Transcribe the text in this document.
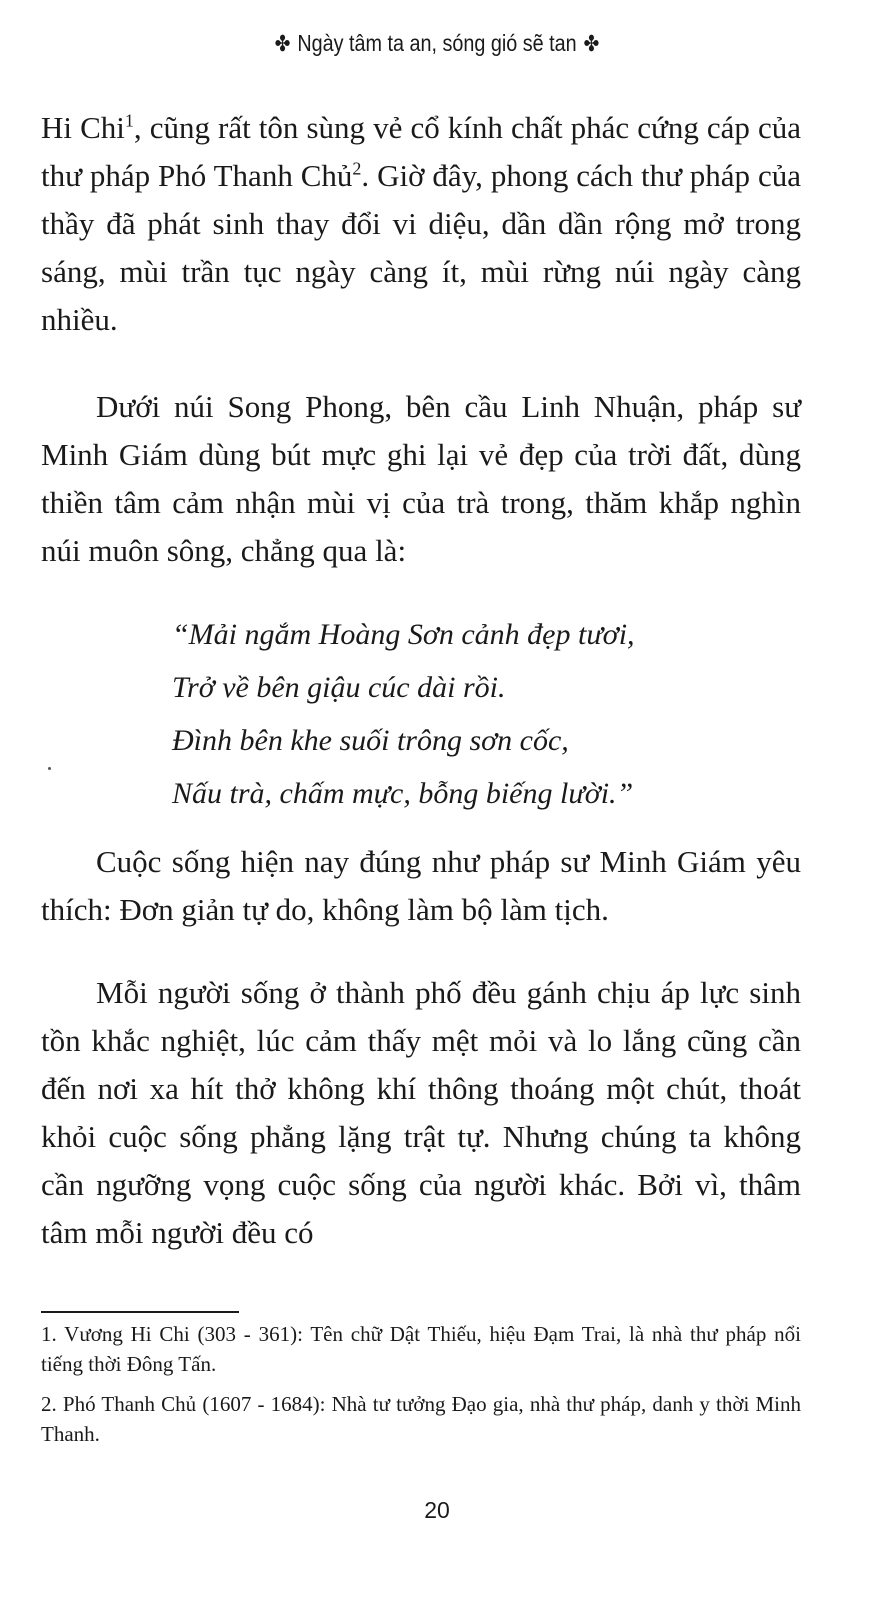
✤ Ngày tâm ta an, sóng gió sẽ tan ✤

Hi Chi$^1$, cũng rất tôn sùng vẻ cổ kính chất phác cứng cáp của thư pháp Phó Thanh Chủ$^2$. Giờ đây, phong cách thư pháp của thầy đã phát sinh thay đổi vi diệu, dần dần rộng mở trong sáng, mùi trần tục ngày càng ít, mùi rừng núi ngày càng nhiều.

Dưới núi Song Phong, bên cầu Linh Nhuận, pháp sư Minh Giám dùng bút mực ghi lại vẻ đẹp của trời đất, dùng thiền tâm cảm nhận mùi vị của trà trong, thăm khắp nghìn núi muôn sông, chẳng qua là:

“Mải ngắm Hoàng Sơn cảnh đẹp tươi,
Trở về bên giậu cúc dài rồi.
Đình bên khe suối trông sơn cốc,
Nấu trà, chấm mực, bỗng biếng lười.”

Cuộc sống hiện nay đúng như pháp sư Minh Giám yêu thích: Đơn giản tự do, không làm bộ làm tịch.

Mỗi người sống ở thành phố đều gánh chịu áp lực sinh tồn khắc nghiệt, lúc cảm thấy mệt mỏi và lo lắng cũng cần đến nơi xa hít thở không khí thông thoáng một chút, thoát khỏi cuộc sống phẳng lặng trật tự. Nhưng chúng ta không cần ngưỡng vọng cuộc sống của người khác. Bởi vì, thâm tâm mỗi người đều có

1. Vương Hi Chi (303 - 361): Tên chữ Dật Thiếu, hiệu Đạm Trai, là nhà thư pháp nổi tiếng thời Đông Tấn.

2. Phó Thanh Chủ (1607 - 1684): Nhà tư tưởng Đạo gia, nhà thư pháp, danh y thời Minh Thanh.

20
